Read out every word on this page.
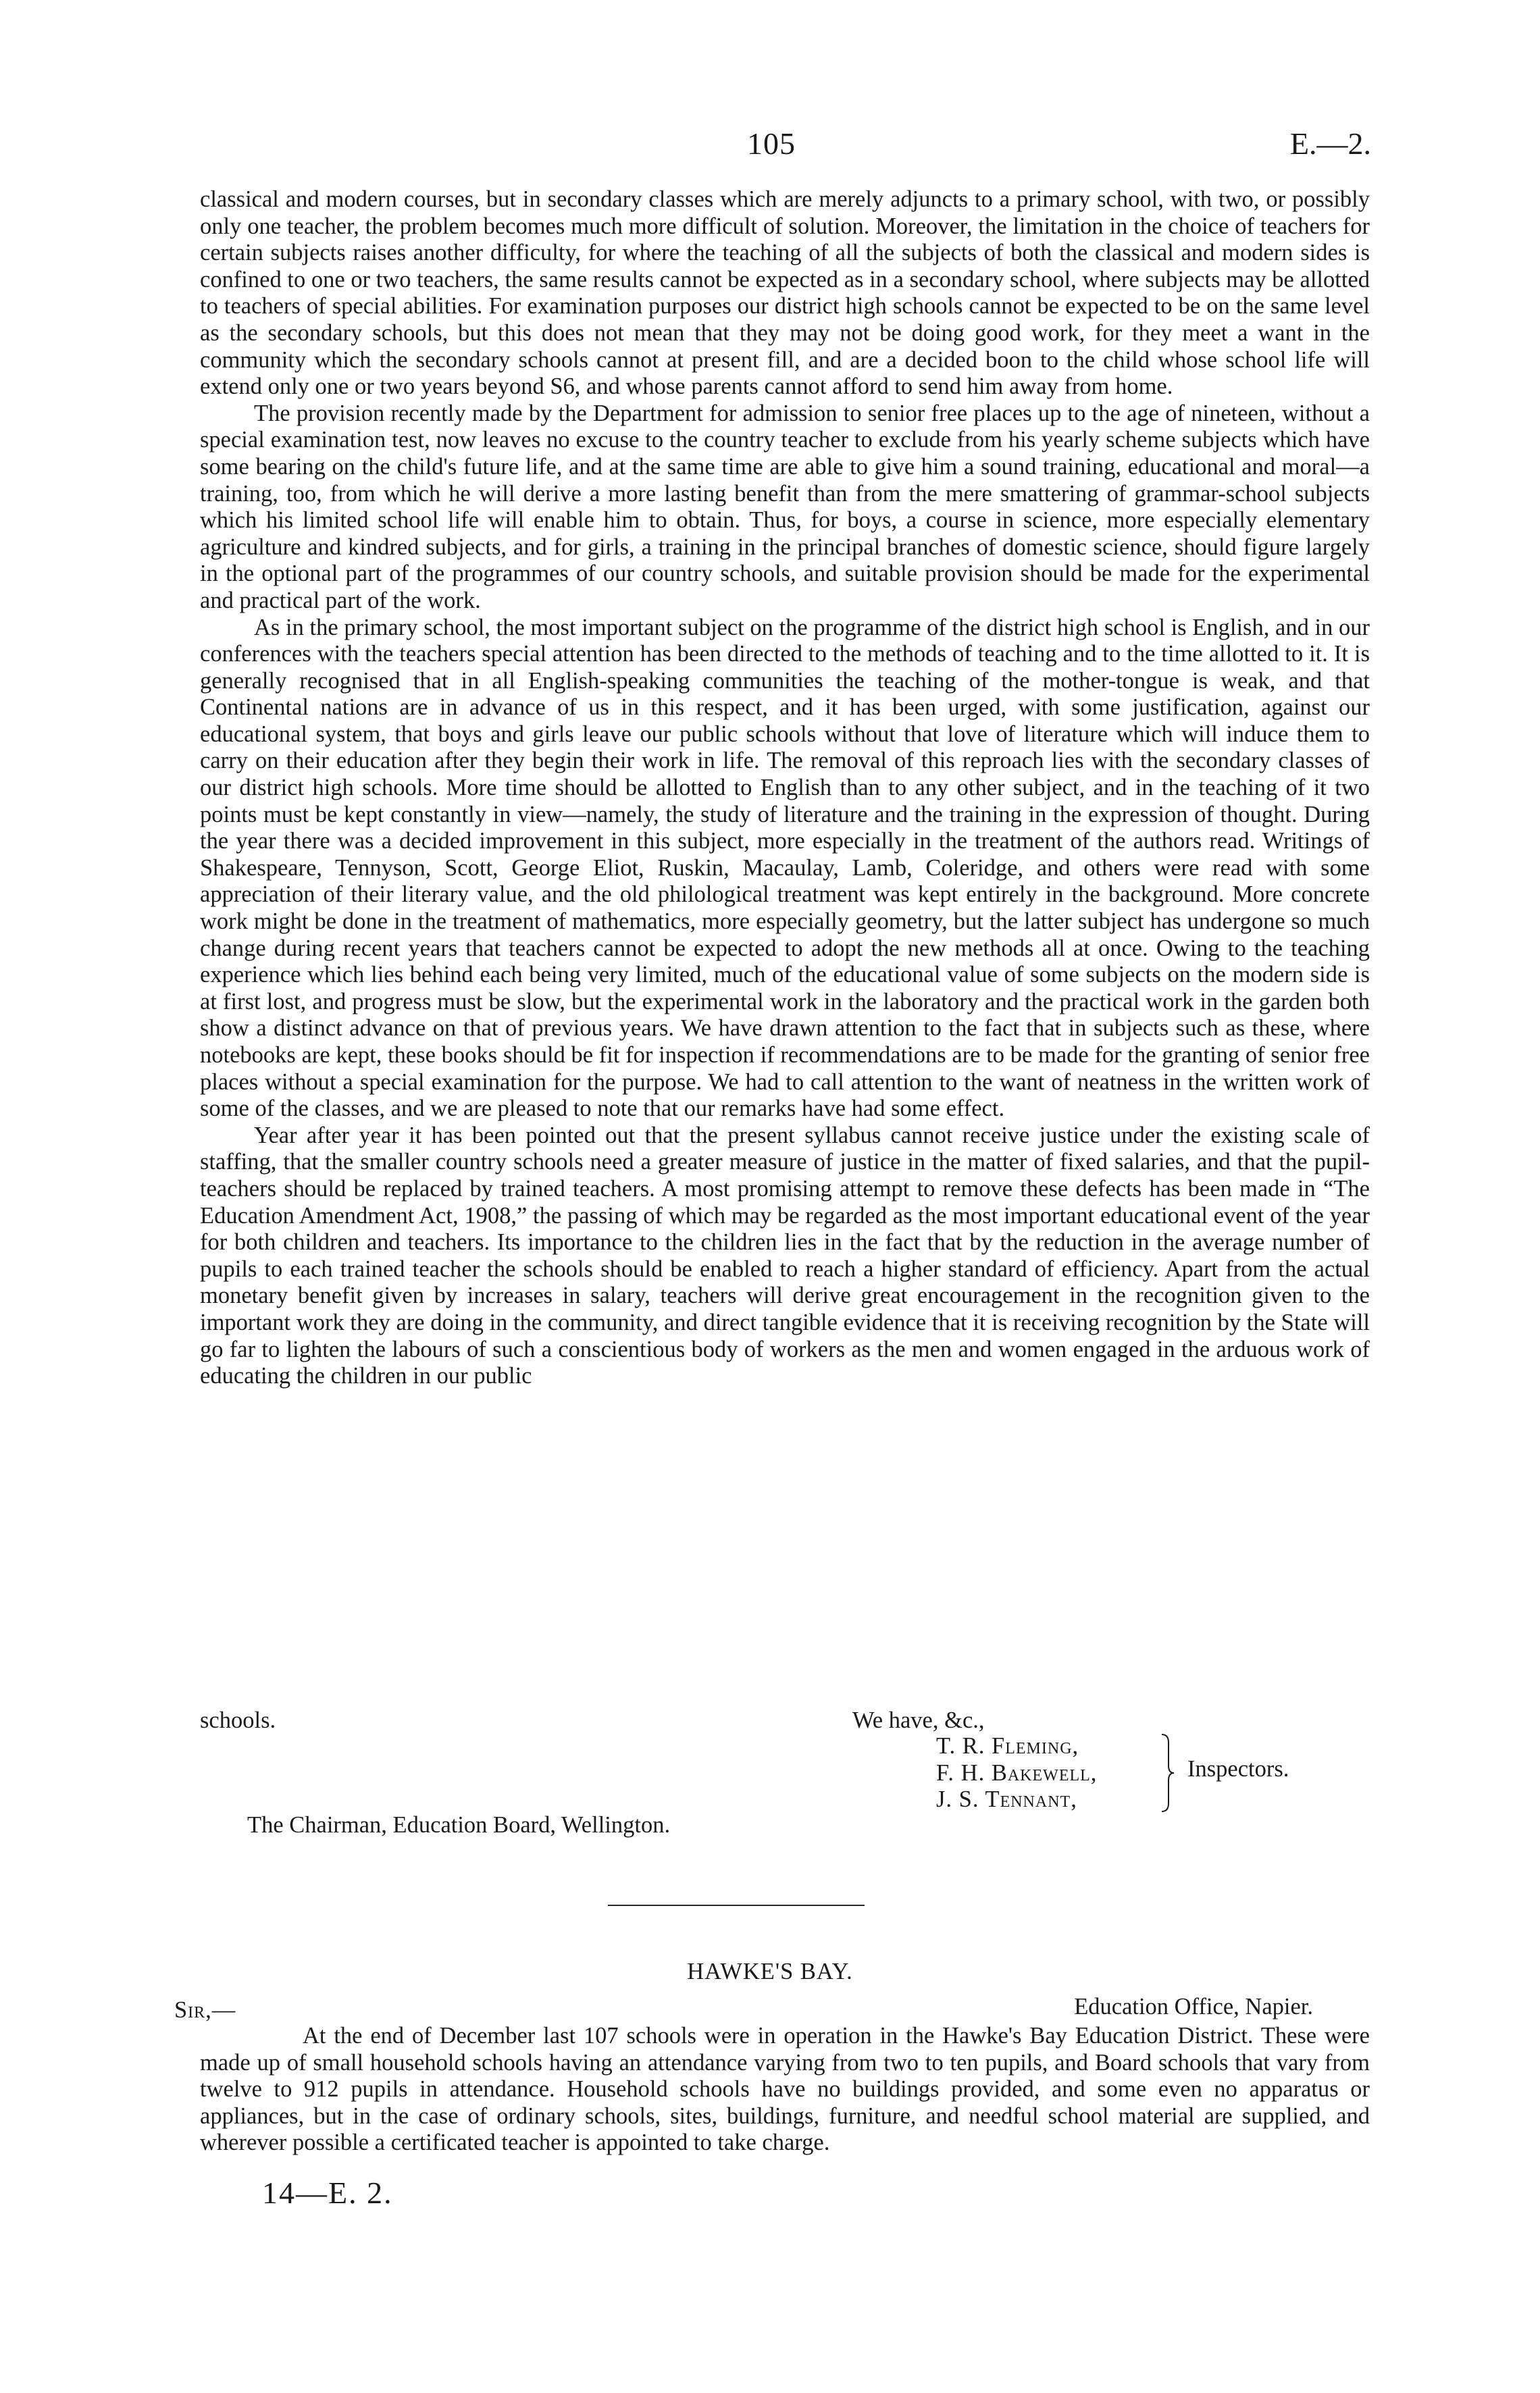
105	E.—2.

classical and modern courses, but in secondary classes which are merely adjuncts to a primary school, with two, or possibly only one teacher, the problem becomes much more difficult of solution. Moreover, the limitation in the choice of teachers for certain subjects raises another difficulty, for where the teaching of all the subjects of both the classical and modern sides is confined to one or two teachers, the same results cannot be expected as in a secondary school, where subjects may be allotted to teachers of special abilities. For examination purposes our district high schools cannot be expected to be on the same level as the secondary schools, but this does not mean that they may not be doing good work, for they meet a want in the community which the secondary schools cannot at present fill, and are a decided boon to the child whose school life will extend only one or two years beyond S6, and whose parents cannot afford to send him away from home.

The provision recently made by the Department for admission to senior free places up to the age of nineteen, without a special examination test, now leaves no excuse to the country teacher to exclude from his yearly scheme subjects which have some bearing on the child's future life, and at the same time are able to give him a sound training, educational and moral—a training, too, from which he will derive a more lasting benefit than from the mere smattering of grammar-school subjects which his limited school life will enable him to obtain. Thus, for boys, a course in science, more especially elementary agriculture and kindred subjects, and for girls, a training in the principal branches of domestic science, should figure largely in the optional part of the programmes of our country schools, and suitable provision should be made for the experimental and practical part of the work.

As in the primary school, the most important subject on the programme of the district high school is English, and in our conferences with the teachers special attention has been directed to the methods of teaching and to the time allotted to it. It is generally recognised that in all English-speaking communities the teaching of the mother-tongue is weak, and that Continental nations are in advance of us in this respect, and it has been urged, with some justification, against our educational system, that boys and girls leave our public schools without that love of literature which will induce them to carry on their education after they begin their work in life. The removal of this reproach lies with the secondary classes of our district high schools. More time should be allotted to English than to any other subject, and in the teaching of it two points must be kept constantly in view—namely, the study of literature and the training in the expression of thought. During the year there was a decided improvement in this subject, more especially in the treatment of the authors read. Writings of Shakespeare, Tennyson, Scott, George Eliot, Ruskin, Macaulay, Lamb, Coleridge, and others were read with some appreciation of their literary value, and the old philological treatment was kept entirely in the background. More concrete work might be done in the treatment of mathematics, more especially geometry, but the latter subject has undergone so much change during recent years that teachers cannot be expected to adopt the new methods all at once. Owing to the teaching experience which lies behind each being very limited, much of the educational value of some subjects on the modern side is at first lost, and progress must be slow, but the experimental work in the laboratory and the practical work in the garden both show a distinct advance on that of previous years. We have drawn attention to the fact that in subjects such as these, where notebooks are kept, these books should be fit for inspection if recommendations are to be made for the granting of senior free places without a special examination for the purpose. We had to call attention to the want of neatness in the written work of some of the classes, and we are pleased to note that our remarks have had some effect.

Year after year it has been pointed out that the present syllabus cannot receive justice under the existing scale of staffing, that the smaller country schools need a greater measure of justice in the matter of fixed salaries, and that the pupil-teachers should be replaced by trained teachers. A most promising attempt to remove these defects has been made in “The Education Amendment Act, 1908,” the passing of which may be regarded as the most important educational event of the year for both children and teachers. Its importance to the children lies in the fact that by the reduction in the average number of pupils to each trained teacher the schools should be enabled to reach a higher standard of efficiency. Apart from the actual monetary benefit given by increases in salary, teachers will derive great encouragement in the recognition given to the important work they are doing in the community, and direct tangible evidence that it is receiving recognition by the State will go far to lighten the labours of such a conscientious body of workers as the men and women engaged in the arduous work of educating the children in our public

schools.	We have, &c.,
T. R. Fleming,
F. H. Bakewell,
J. S. Tennant,
Inspectors.
The Chairman, Education Board, Wellington.
HAWKE'S BAY.
Sir,—	Education Office, Napier.

At the end of December last 107 schools were in operation in the Hawke's Bay Education District. These were made up of small household schools having an attendance varying from two to ten pupils, and Board schools that vary from twelve to 912 pupils in attendance. Household schools have no buildings provided, and some even no apparatus or appliances, but in the case of ordinary schools, sites, buildings, furniture, and needful school material are supplied, and wherever possible a certificated teacher is appointed to take charge.

14—E. 2.
